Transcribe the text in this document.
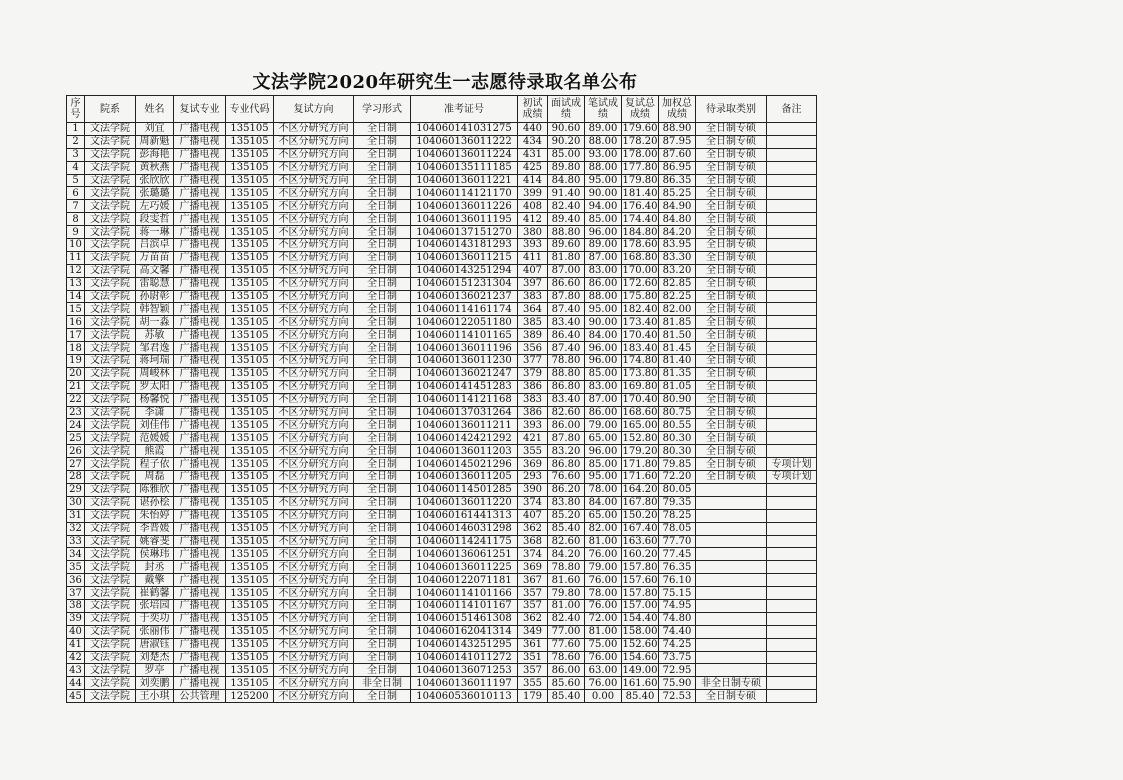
文法学院2020年研究生一志愿待录取名单公布
序号	院系	姓名	复试专业	专业代码	复试方向	学习形式	准考证号	初试成绩	面试成绩	笔试成绩	复试总成绩	加权总成绩	待录取类别	备注
1	文法学院	刘宜	广播电视	135105	不区分研究方向	全日制	104060141031275	440	90.60	89.00	179.60	88.90	全日制专硕	
2	文法学院	周新魁	广播电视	135105	不区分研究方向	全日制	104060136011222	434	90.20	88.00	178.20	87.95	全日制专硕	
3	文法学院	彭海艳	广播电视	135105	不区分研究方向	全日制	104060136011224	431	85.00	93.00	178.00	87.60	全日制专硕	
4	文法学院	黄秋燕	广播电视	135105	不区分研究方向	全日制	104060135111185	425	89.80	88.00	177.80	86.95	全日制专硕	
5	文法学院	张欣欣	广播电视	135105	不区分研究方向	全日制	104060136011221	414	84.80	95.00	179.80	86.35	全日制专硕	
6	文法学院	张璐璐	广播电视	135105	不区分研究方向	全日制	104060114121170	399	91.40	90.00	181.40	85.25	全日制专硕	
7	文法学院	左巧媛	广播电视	135105	不区分研究方向	全日制	104060136011226	408	82.40	94.00	176.40	84.90	全日制专硕	
8	文法学院	段雯哲	广播电视	135105	不区分研究方向	全日制	104060136011195	412	89.40	85.00	174.40	84.80	全日制专硕	
9	文法学院	蒋一琳	广播电视	135105	不区分研究方向	全日制	104060137151270	380	88.80	96.00	184.80	84.20	全日制专硕	
10	文法学院	吕滨卓	广播电视	135105	不区分研究方向	全日制	104060143181293	393	89.60	89.00	178.60	83.95	全日制专硕	
11	文法学院	万苗苗	广播电视	135105	不区分研究方向	全日制	104060136011215	411	81.80	87.00	168.80	83.30	全日制专硕	
12	文法学院	高文馨	广播电视	135105	不区分研究方向	全日制	104060143251294	407	87.00	83.00	170.00	83.20	全日制专硕	
13	文法学院	雷聪慧	广播电视	135105	不区分研究方向	全日制	104060151231304	397	86.60	86.00	172.60	82.85	全日制专硕	
14	文法学院	孙尉彰	广播电视	135105	不区分研究方向	全日制	104060136021237	383	87.80	88.00	175.80	82.25	全日制专硕	
15	文法学院	韩智颖	广播电视	135105	不区分研究方向	全日制	104060114161174	364	87.40	95.00	182.40	82.00	全日制专硕	
16	文法学院	胡一淼	广播电视	135105	不区分研究方向	全日制	104060122051180	385	83.40	90.00	173.40	81.85	全日制专硕	
17	文法学院	苏敏	广播电视	135105	不区分研究方向	全日制	104060114101165	389	86.40	84.00	170.40	81.50	全日制专硕	
18	文法学院	邹君逸	广播电视	135105	不区分研究方向	全日制	104060136011196	356	87.40	96.00	183.40	81.45	全日制专硕	
19	文法学院	蒋珂瑞	广播电视	135105	不区分研究方向	全日制	104060136011230	377	78.80	96.00	174.80	81.40	全日制专硕	
20	文法学院	周峻林	广播电视	135105	不区分研究方向	全日制	104060136021247	379	88.80	85.00	173.80	81.35	全日制专硕	
21	文法学院	罗太阳	广播电视	135105	不区分研究方向	全日制	104060141451283	386	86.80	83.00	169.80	81.05	全日制专硕	
22	文法学院	杨馨悦	广播电视	135105	不区分研究方向	全日制	104060114121168	383	83.40	87.00	170.40	80.90	全日制专硕	
23	文法学院	李潇	广播电视	135105	不区分研究方向	全日制	104060137031264	386	82.60	86.00	168.60	80.75	全日制专硕	
24	文法学院	刘佳伟	广播电视	135105	不区分研究方向	全日制	104060136011211	393	86.00	79.00	165.00	80.55	全日制专硕	
25	文法学院	范媛媛	广播电视	135105	不区分研究方向	全日制	104060142421292	421	87.80	65.00	152.80	80.30	全日制专硕	
26	文法学院	熊霞	广播电视	135105	不区分研究方向	全日制	104060136011203	355	83.20	96.00	179.20	80.30	全日制专硕	
27	文法学院	程子依	广播电视	135105	不区分研究方向	全日制	104060145021296	369	86.80	85.00	171.80	79.85	全日制专硕	专项计划
28	文法学院	周磊	广播电视	135105	不区分研究方向	全日制	104060136011205	293	76.60	95.00	171.60	72.20	全日制专硕	专项计划
29	文法学院	陈雅欣	广播电视	135105	不区分研究方向	全日制	104060114501285	390	86.20	78.00	164.20	80.05		
30	文法学院	谌孙桧	广播电视	135105	不区分研究方向	全日制	104060136011220	374	83.80	84.00	167.80	79.35		
31	文法学院	朱怡婷	广播电视	135105	不区分研究方向	全日制	104060161441313	407	85.20	65.00	150.20	78.25		
32	文法学院	李晋媛	广播电视	135105	不区分研究方向	全日制	104060146031298	362	85.40	82.00	167.40	78.05		
33	文法学院	姚睿斐	广播电视	135105	不区分研究方向	全日制	104060114241175	368	82.60	81.00	163.60	77.70		
34	文法学院	侯琳玮	广播电视	135105	不区分研究方向	全日制	104060136061251	374	84.20	76.00	160.20	77.45		
35	文法学院	封丞	广播电视	135105	不区分研究方向	全日制	104060136011225	369	78.80	79.00	157.80	76.35		
36	文法学院	戴擎	广播电视	135105	不区分研究方向	全日制	104060122071181	367	81.60	76.00	157.60	76.10		
37	文法学院	崔鹤馨	广播电视	135105	不区分研究方向	全日制	104060114101166	357	79.80	78.00	157.80	75.15		
38	文法学院	张培园	广播电视	135105	不区分研究方向	全日制	104060114101167	357	81.00	76.00	157.00	74.95		
39	文法学院	于奕功	广播电视	135105	不区分研究方向	全日制	104060151461308	362	82.40	72.00	154.40	74.80		
40	文法学院	张丽伟	广播电视	135105	不区分研究方向	全日制	104060162041314	349	77.00	81.00	158.00	74.40		
41	文法学院	唐淑钰	广播电视	135105	不区分研究方向	全日制	104060143251295	361	77.60	75.00	152.60	74.25		
42	文法学院	刘楚杰	广播电视	135105	不区分研究方向	全日制	104060141011272	351	78.60	76.00	154.60	73.75		
43	文法学院	罗亭	广播电视	135105	不区分研究方向	全日制	104060136071253	357	86.00	63.00	149.00	72.95		
44	文法学院	刘奕鹏	广播电视	135105	不区分研究方向	非全日制	104060136011197	355	85.60	76.00	161.60	75.90	非全日制专硕	
45	文法学院	王小琪	公共管理	125200	不区分研究方向	全日制	104060536010113	179	85.40	0.00	85.40	72.53	全日制专硕	
